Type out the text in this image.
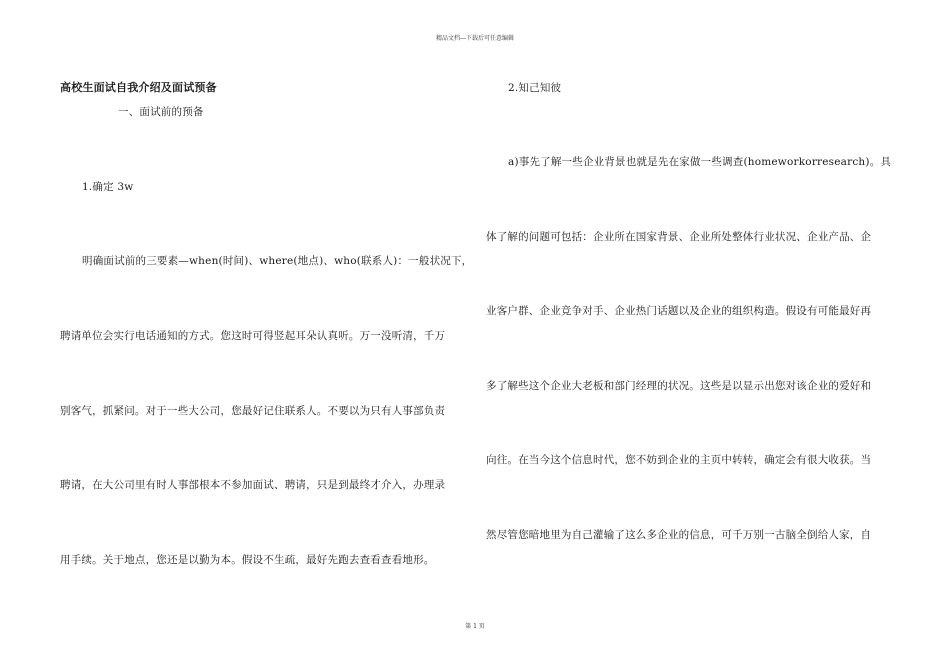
精品文档---下载后可任意编辑
高校生面试自我介绍及面试预备
一、面试前的预备
1.确定 3w
明确面试前的三要素—when(时间)、where(地点)、who(联系人)：一般状况下，
聘请单位会实行电话通知的方式。您这时可得竖起耳朵认真听。万一没听清，千万
别客气，抓紧问。对于一些大公司，您最好记住联系人。不要以为只有人事部负责
聘请，在大公司里有时人事部根本不参加面试、聘请，只是到最终才介入，办理录
用手续。关于地点，您还是以勤为本。假设不生疏，最好先跑去查看查看地形。
2.知己知彼
a)事先了解一些企业背景也就是先在家做一些调查(homeworkorresearch)。具
体了解的问题可包括：企业所在国家背景、企业所处整体行业状况、企业产品、企
业客户群、企业竞争对手、企业热门话题以及企业的组织构造。假设有可能最好再
多了解些这个企业大老板和部门经理的状况。这些是以显示出您对该企业的爱好和
向往。在当今这个信息时代，您不妨到企业的主页中转转，确定会有很大收获。当
然尽管您暗地里为自己灌输了这么多企业的信息，可千万别一古脑全倒给人家，自
第 1 页
